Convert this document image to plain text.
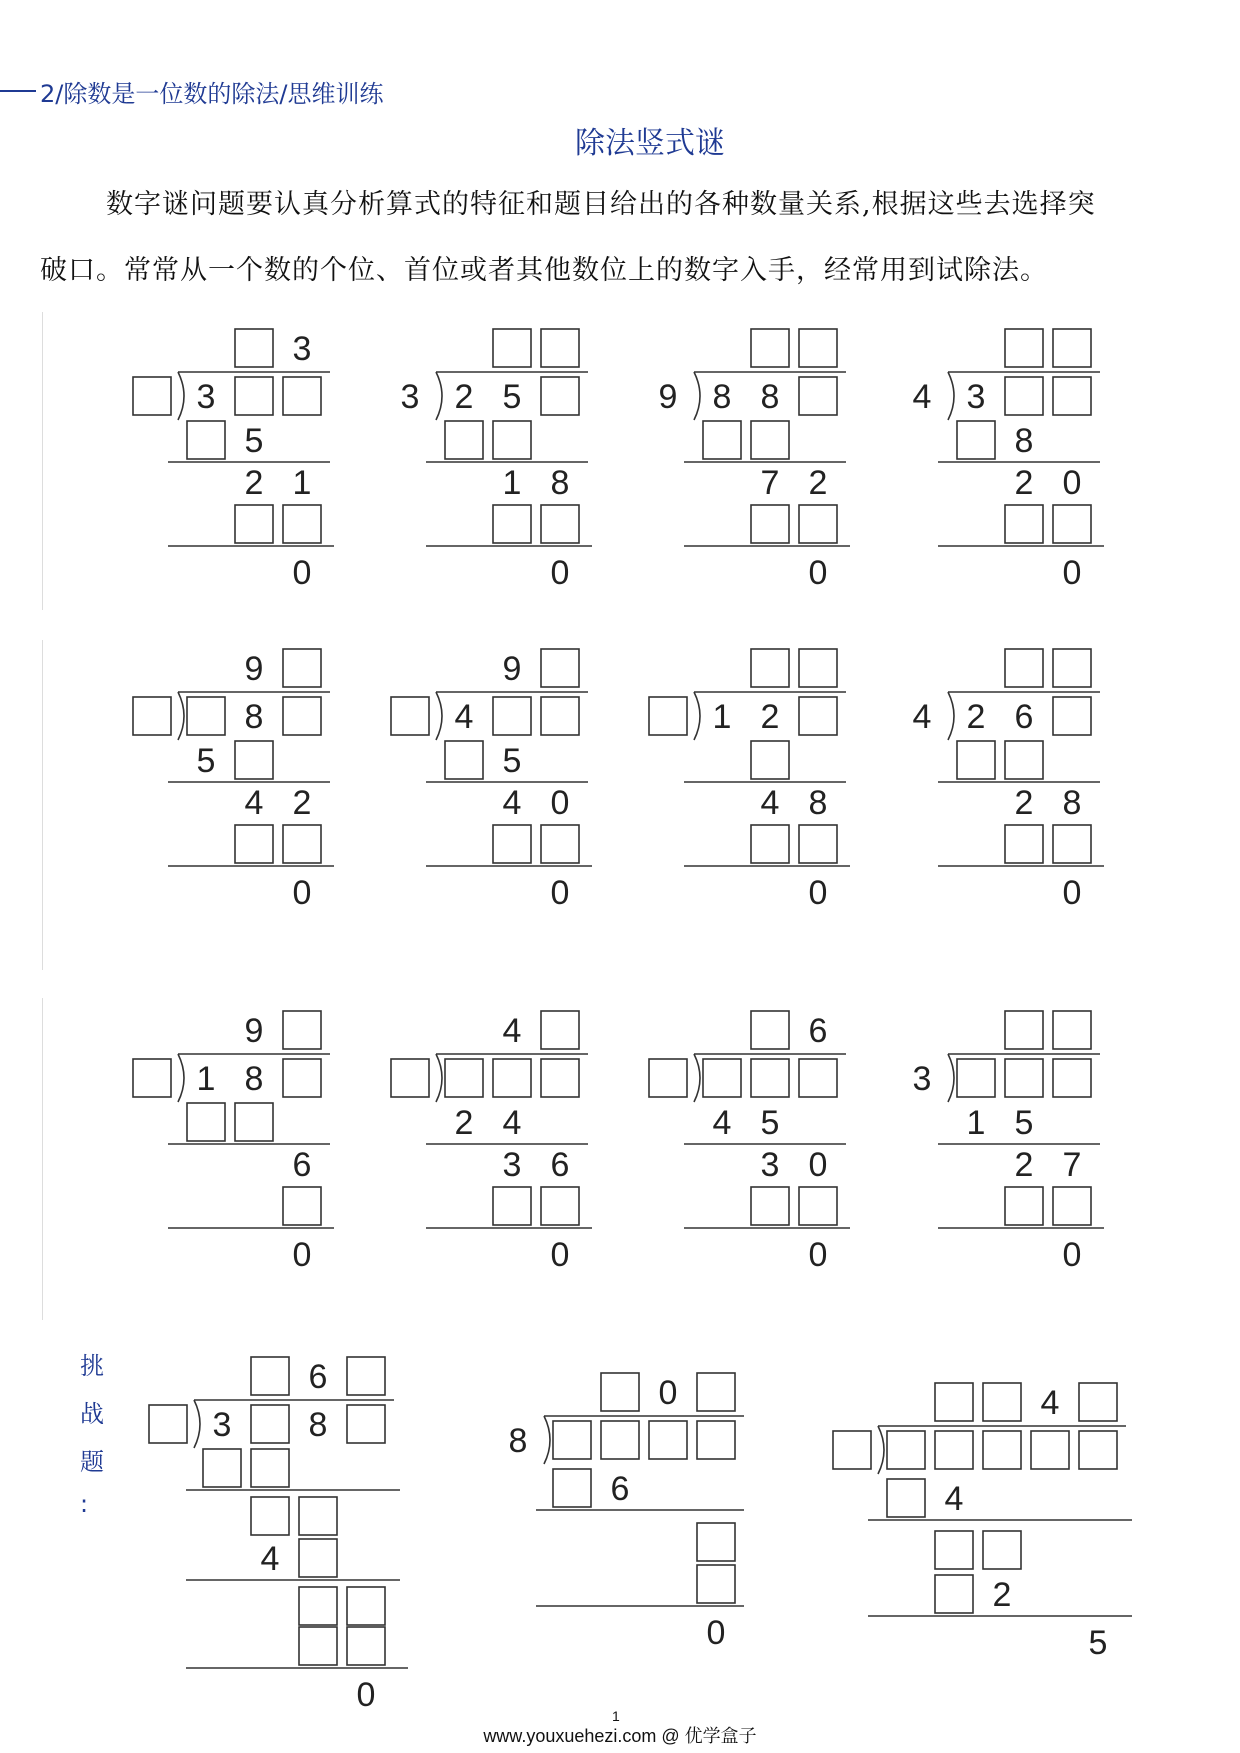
2/除数是一位数的除法/思维训练
除法竖式谜
数字谜问题要认真分析算式的特征和题目给出的各种数量关系,根据这些去选择突
破口。常常从一个数的个位、首位或者其他数位上的数字入手，经常用到试除法。
挑
战
题
:
3
3
5
2 1
0
3 2 5
1 8
0
9 8 8
7 2
0
4 3
8
2 0
0
9
8
5
4 2
0
9
4
5
4 0
0
1 2
4 8
0
4 2 6
2 8
0
9
1 8
6
0
4
2 4
3 6
0
6
4 5
3 0
0
3
1 5
2 7
0
6
3 8
4
0
0
8
6
0
4
4
2
5
1
www.youxuehezi.com @ 优学盒子
